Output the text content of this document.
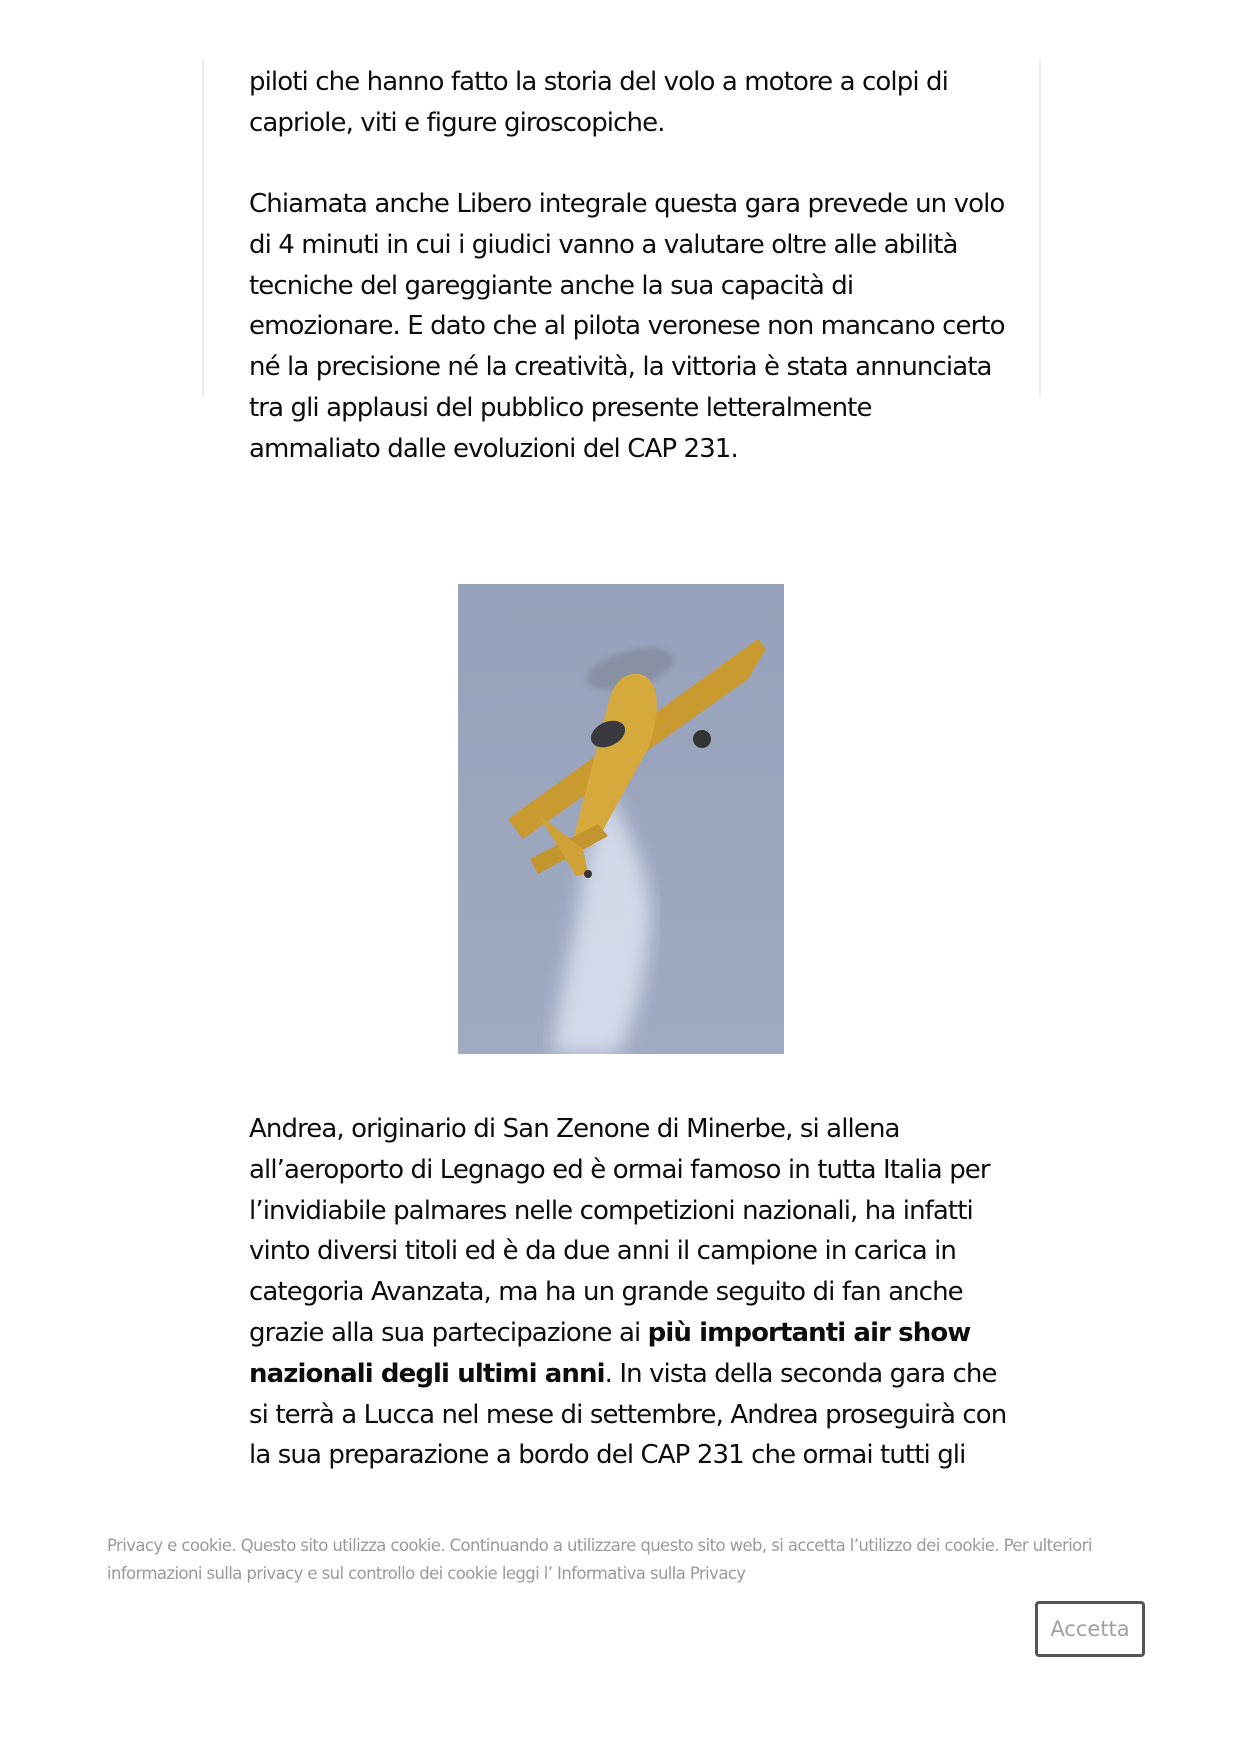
piloti che hanno fatto la storia del volo a motore a colpi di capriole, viti e figure giroscopiche.

Chiamata anche Libero integrale questa gara prevede un volo di 4 minuti in cui i giudici vanno a valutare oltre alle abilità tecniche del gareggiante anche la sua capacità di emozionare. E dato che al pilota veronese non mancano certo né la precisione né la creatività, la vittoria è stata annunciata tra gli applausi del pubblico presente letteralmente ammaliato dalle evoluzioni del CAP 231.

Andrea, originario di San Zenone di Minerbe, si allena all’aeroporto di Legnago ed è ormai famoso in tutta Italia per l’invidiabile palmares nelle competizioni nazionali, ha infatti vinto diversi titoli ed è da due anni il campione in carica in categoria Avanzata, ma ha un grande seguito di fan anche grazie alla sua partecipazione ai più importanti air show nazionali degli ultimi anni. In vista della seconda gara che si terrà a Lucca nel mese di settembre, Andrea proseguirà con la sua preparazione a bordo del CAP 231 che ormai tutti gli

Privacy e cookie. Questo sito utilizza cookie. Continuando a utilizzare questo sito web, si accetta l’utilizzo dei cookie. Per ulteriori informazioni sulla privacy e sul controllo dei cookie leggi l’ Informativa sulla Privacy
Accetta
